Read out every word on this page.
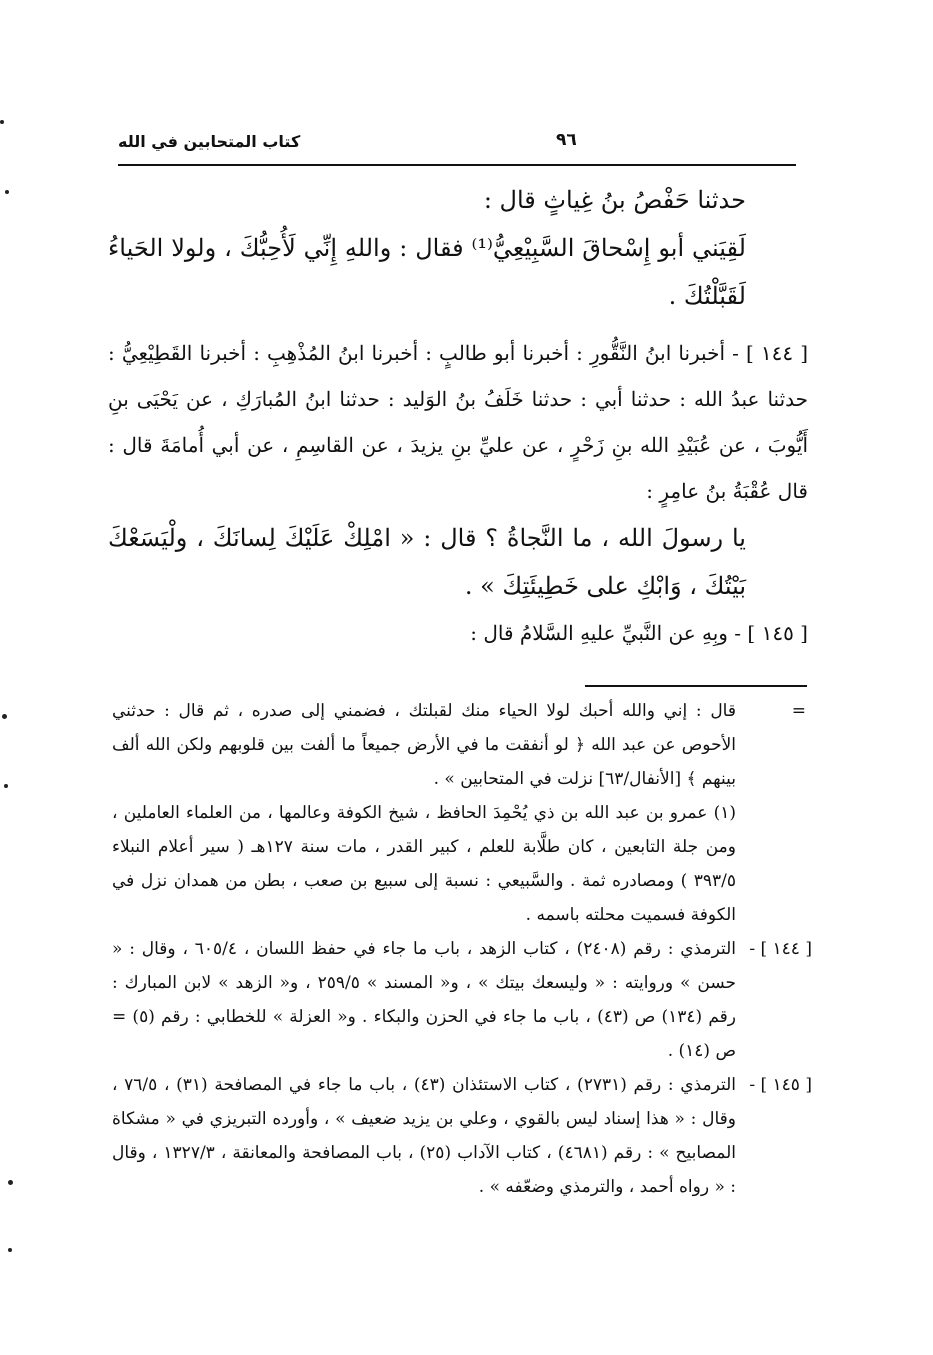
٩٦
كتاب المتحابين في الله

حدثنا حَفْصُ بنُ غِياثٍ قال :

لَقِيَني أبو إِسْحاقَ السَّبِيْعِيُّ⁽¹⁾ فقال : واللهِ إِنِّي لَأُحِبُّكَ ، ولولا الحَياءُ لَقَبَّلْتُكَ .

[ ١٤٤ ] - أخبرنا ابنُ النَّقُّورِ : أخبرنا أبو طالبٍ : أخبرنا ابنُ المُذْهِبِ : أخبرنا القَطِيْعِيُّ : حدثنا عبدُ الله : حدثنا أبي : حدثنا خَلَفُ بنُ الوَليد : حدثنا ابنُ المُبارَكِ ، عن يَحْيَى بنِ أَيُّوبَ ، عن عُبَيْدِ الله بنِ زَحْرٍ ، عن عليِّ بنِ يزيدَ ، عن القاسِمِ ، عن أبي أُمامَةَ قال : قال عُقْبَةُ بنُ عامِرٍ :

يا رسولَ الله ، ما النَّجاةُ ؟ قال : « امْلِكْ عَلَيْكَ لِسانَكَ ، ولْيَسَعْكَ بَيْتُكَ ، وَابْكِ على خَطِيئَتِكَ » .

[ ١٤٥ ] - وبِهِ عن النَّبيِّ عليهِ السَّلامُ قال :

=
قال : إني والله أحبك لولا الحياء منك لقبلتك ، فضمني إلى صدره ، ثم قال : حدثني الأحوص عن عبد الله ﴿ لو أنفقت ما في الأرض جميعاً ما ألفت بين قلوبهم ولكن الله ألف بينهم ﴾ [الأنفال/٦٣] نزلت في المتحابين » .

(١) عمرو بن عبد الله بن ذي يُحْمِدَ الحافظ ، شيخ الكوفة وعالمها ، من العلماء العاملين ، ومن جلة التابعين ، كان طلَّابة للعلم ، كبير القدر ، مات سنة ١٢٧هـ ( سير أعلام النبلاء ٣٩٣/٥ ) ومصادره ثمة . والسَّبيعي : نسبة إلى سبيع بن صعب ، بطن من همدان نزل في الكوفة فسميت محلته باسمه .

[ ١٤٤ ] -
الترمذي : رقم (٢٤٠٨) ، كتاب الزهد ، باب ما جاء في حفظ اللسان ، ٦٠٥/٤ ، وقال : « حسن » وروايته : « وليسعك بيتك » ، و« المسند » ٢٥٩/٥ ، و« الزهد » لابن المبارك : رقم (١٣٤) ص (٤٣) ، باب ما جاء في الحزن والبكاء . و« العزلة » للخطابي : رقم (٥) = ص (١٤) .

[ ١٤٥ ] -
الترمذي : رقم (٢٧٣١) ، كتاب الاستئذان (٤٣) ، باب ما جاء في المصافحة (٣١) ، ٧٦/٥ ، وقال : « هذا إسناد ليس بالقوي ، وعلي بن يزيد ضعيف » ، وأورده التبريزي في « مشكاة المصابيح » : رقم (٤٦٨١) ، كتاب الآداب (٢٥) ، باب المصافحة والمعانقة ، ١٣٢٧/٣ ، وقال : « رواه أحمد ، والترمذي وضعّفه » .
